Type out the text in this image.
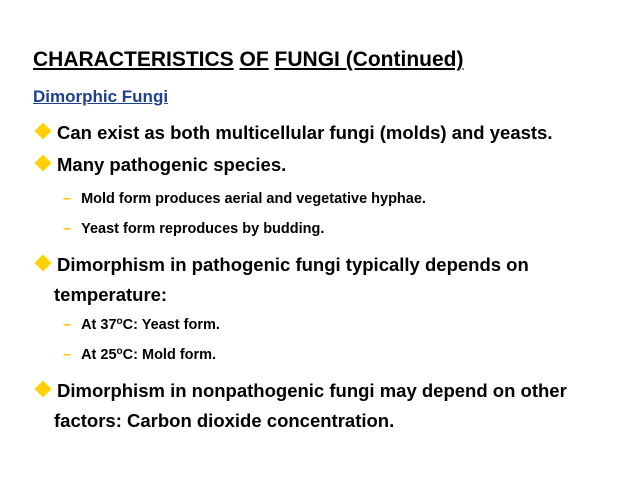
CHARACTERISTICS OF FUNGI (Continued)
Dimorphic Fungi
Can exist as both multicellular fungi (molds) and yeasts.
Many pathogenic species.
– Mold form produces aerial and vegetative hyphae.
– Yeast form reproduces by budding.
Dimorphism in pathogenic fungi typically depends on
temperature:
– At 37$^o$C: Yeast form.
– At 25$^o$C: Mold form.
Dimorphism in nonpathogenic fungi may depend on other
factors: Carbon dioxide concentration.
